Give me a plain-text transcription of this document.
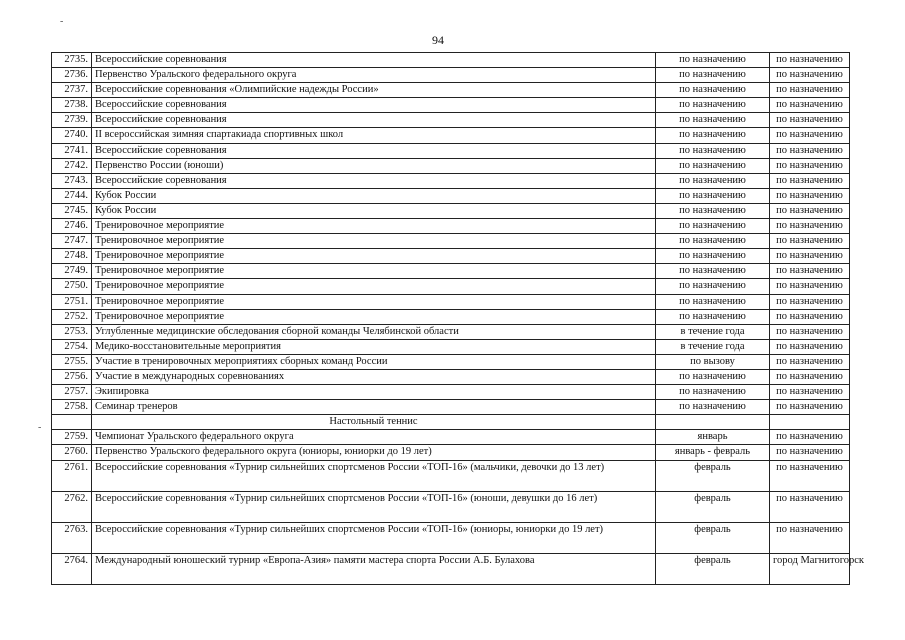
-
-
94
2735.	Всероссийские соревнования	по назначению	по назначению
2736.	Первенство Уральского федерального округа	по назначению	по назначению
2737.	Всероссийские соревнования «Олимпийские надежды России»	по назначению	по назначению
2738.	Всероссийские соревнования	по назначению	по назначению
2739.	Всероссийские соревнования	по назначению	по назначению
2740.	II всероссийская зимняя спартакиада спортивных школ	по назначению	по назначению
2741.	Всероссийские соревнования	по назначению	по назначению
2742.	Первенство России (юноши)	по назначению	по назначению
2743.	Всероссийские соревнования	по назначению	по назначению
2744.	Кубок России	по назначению	по назначению
2745.	Кубок России	по назначению	по назначению
2746.	Тренировочное мероприятие	по назначению	по назначению
2747.	Тренировочное мероприятие	по назначению	по назначению
2748.	Тренировочное мероприятие	по назначению	по назначению
2749.	Тренировочное мероприятие	по назначению	по назначению
2750.	Тренировочное мероприятие	по назначению	по назначению
2751.	Тренировочное мероприятие	по назначению	по назначению
2752.	Тренировочное мероприятие	по назначению	по назначению
2753.	Углубленные медицинские обследования сборной команды Челябинской области	в течение года	по назначению
2754.	Медико-восстановительные мероприятия	в течение года	по назначению
2755.	Участие в тренировочных мероприятиях сборных команд России	по вызову	по назначению
2756.	Участие в международных соревнованиях	по назначению	по назначению
2757.	Экипировка	по назначению	по назначению
2758.	Семинар тренеров	по назначению	по назначению
	Настольный теннис		
2759.	Чемпионат Уральского федерального округа	январь	по назначению
2760.	Первенство Уральского федерального округа (юниоры, юниорки до 19 лет)	январь - февраль	по назначению
2761.	Всероссийские соревнования «Турнир сильнейших спортсменов России «ТОП-16» (мальчики, девочки до 13 лет)	февраль	по назначению
2762.	Всероссийские соревнования «Турнир сильнейших спортсменов России «ТОП-16» (юноши, девушки до 16 лет)	февраль	по назначению
2763.	Всероссийские соревнования «Турнир сильнейших спортсменов России «ТОП-16» (юниоры, юниорки до 19 лет)	февраль	по назначению
2764.	Международный юношеский турнир «Европа-Азия» памяти мастера спорта России А.Б. Булахова	февраль	город Магнитогорск
